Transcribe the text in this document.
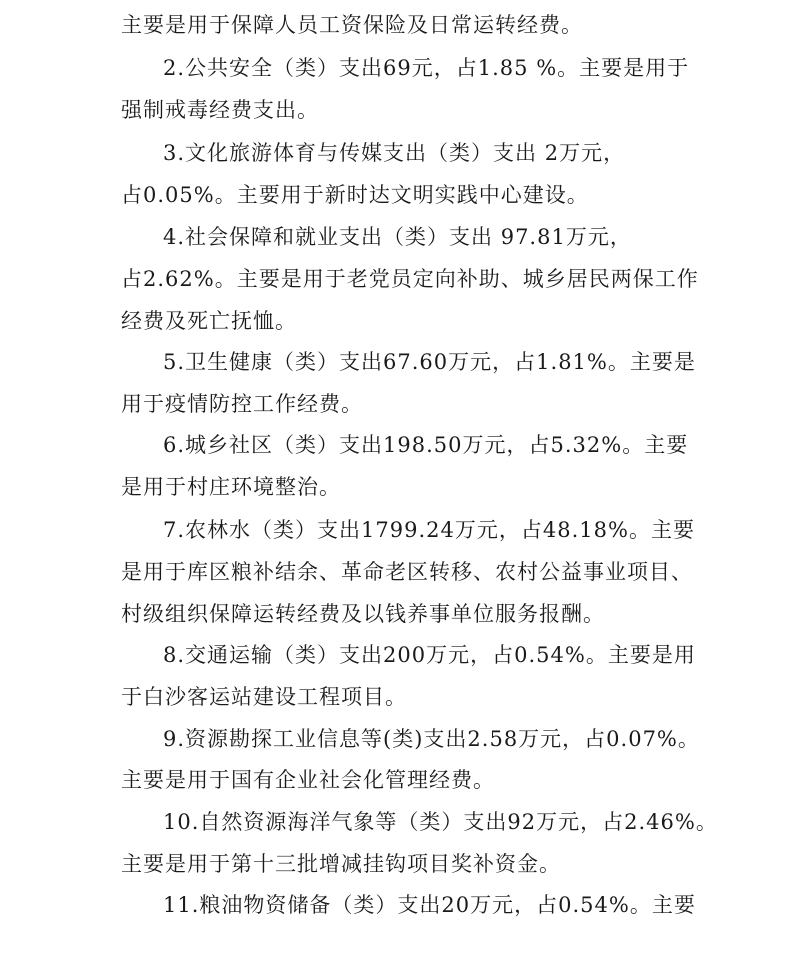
主要是用于保障人员工资保险及日常运转经费。
2.公共安全（类）支出69元，占1.85 %。主要是用于
强制戒毒经费支出。
3.文化旅游体育与传媒支出（类）支出 2万元，
占0.05%。主要用于新时达文明实践中心建设。
4.社会保障和就业支出（类）支出 97.81万元，
占2.62%。主要是用于老党员定向补助、城乡居民两保工作
经费及死亡抚恤。
5.卫生健康（类）支出67.60万元，占1.81%。主要是
用于疫情防控工作经费。
6.城乡社区（类）支出198.50万元，占5.32%。主要
是用于村庄环境整治。
7.农林水（类）支出1799.24万元，占48.18%。主要
是用于库区粮补结余、革命老区转移、农村公益事业项目、
村级组织保障运转经费及以钱养事单位服务报酬。
8.交通运输（类）支出200万元，占0.54%。主要是用
于白沙客运站建设工程项目。
9.资源勘探工业信息等(类)支出2.58万元，占0.07%。
主要是用于国有企业社会化管理经费。
10.自然资源海洋气象等（类）支出92万元，占2.46%。
主要是用于第十三批增减挂钩项目奖补资金。
11.粮油物资储备（类）支出20万元，占0.54%。主要
